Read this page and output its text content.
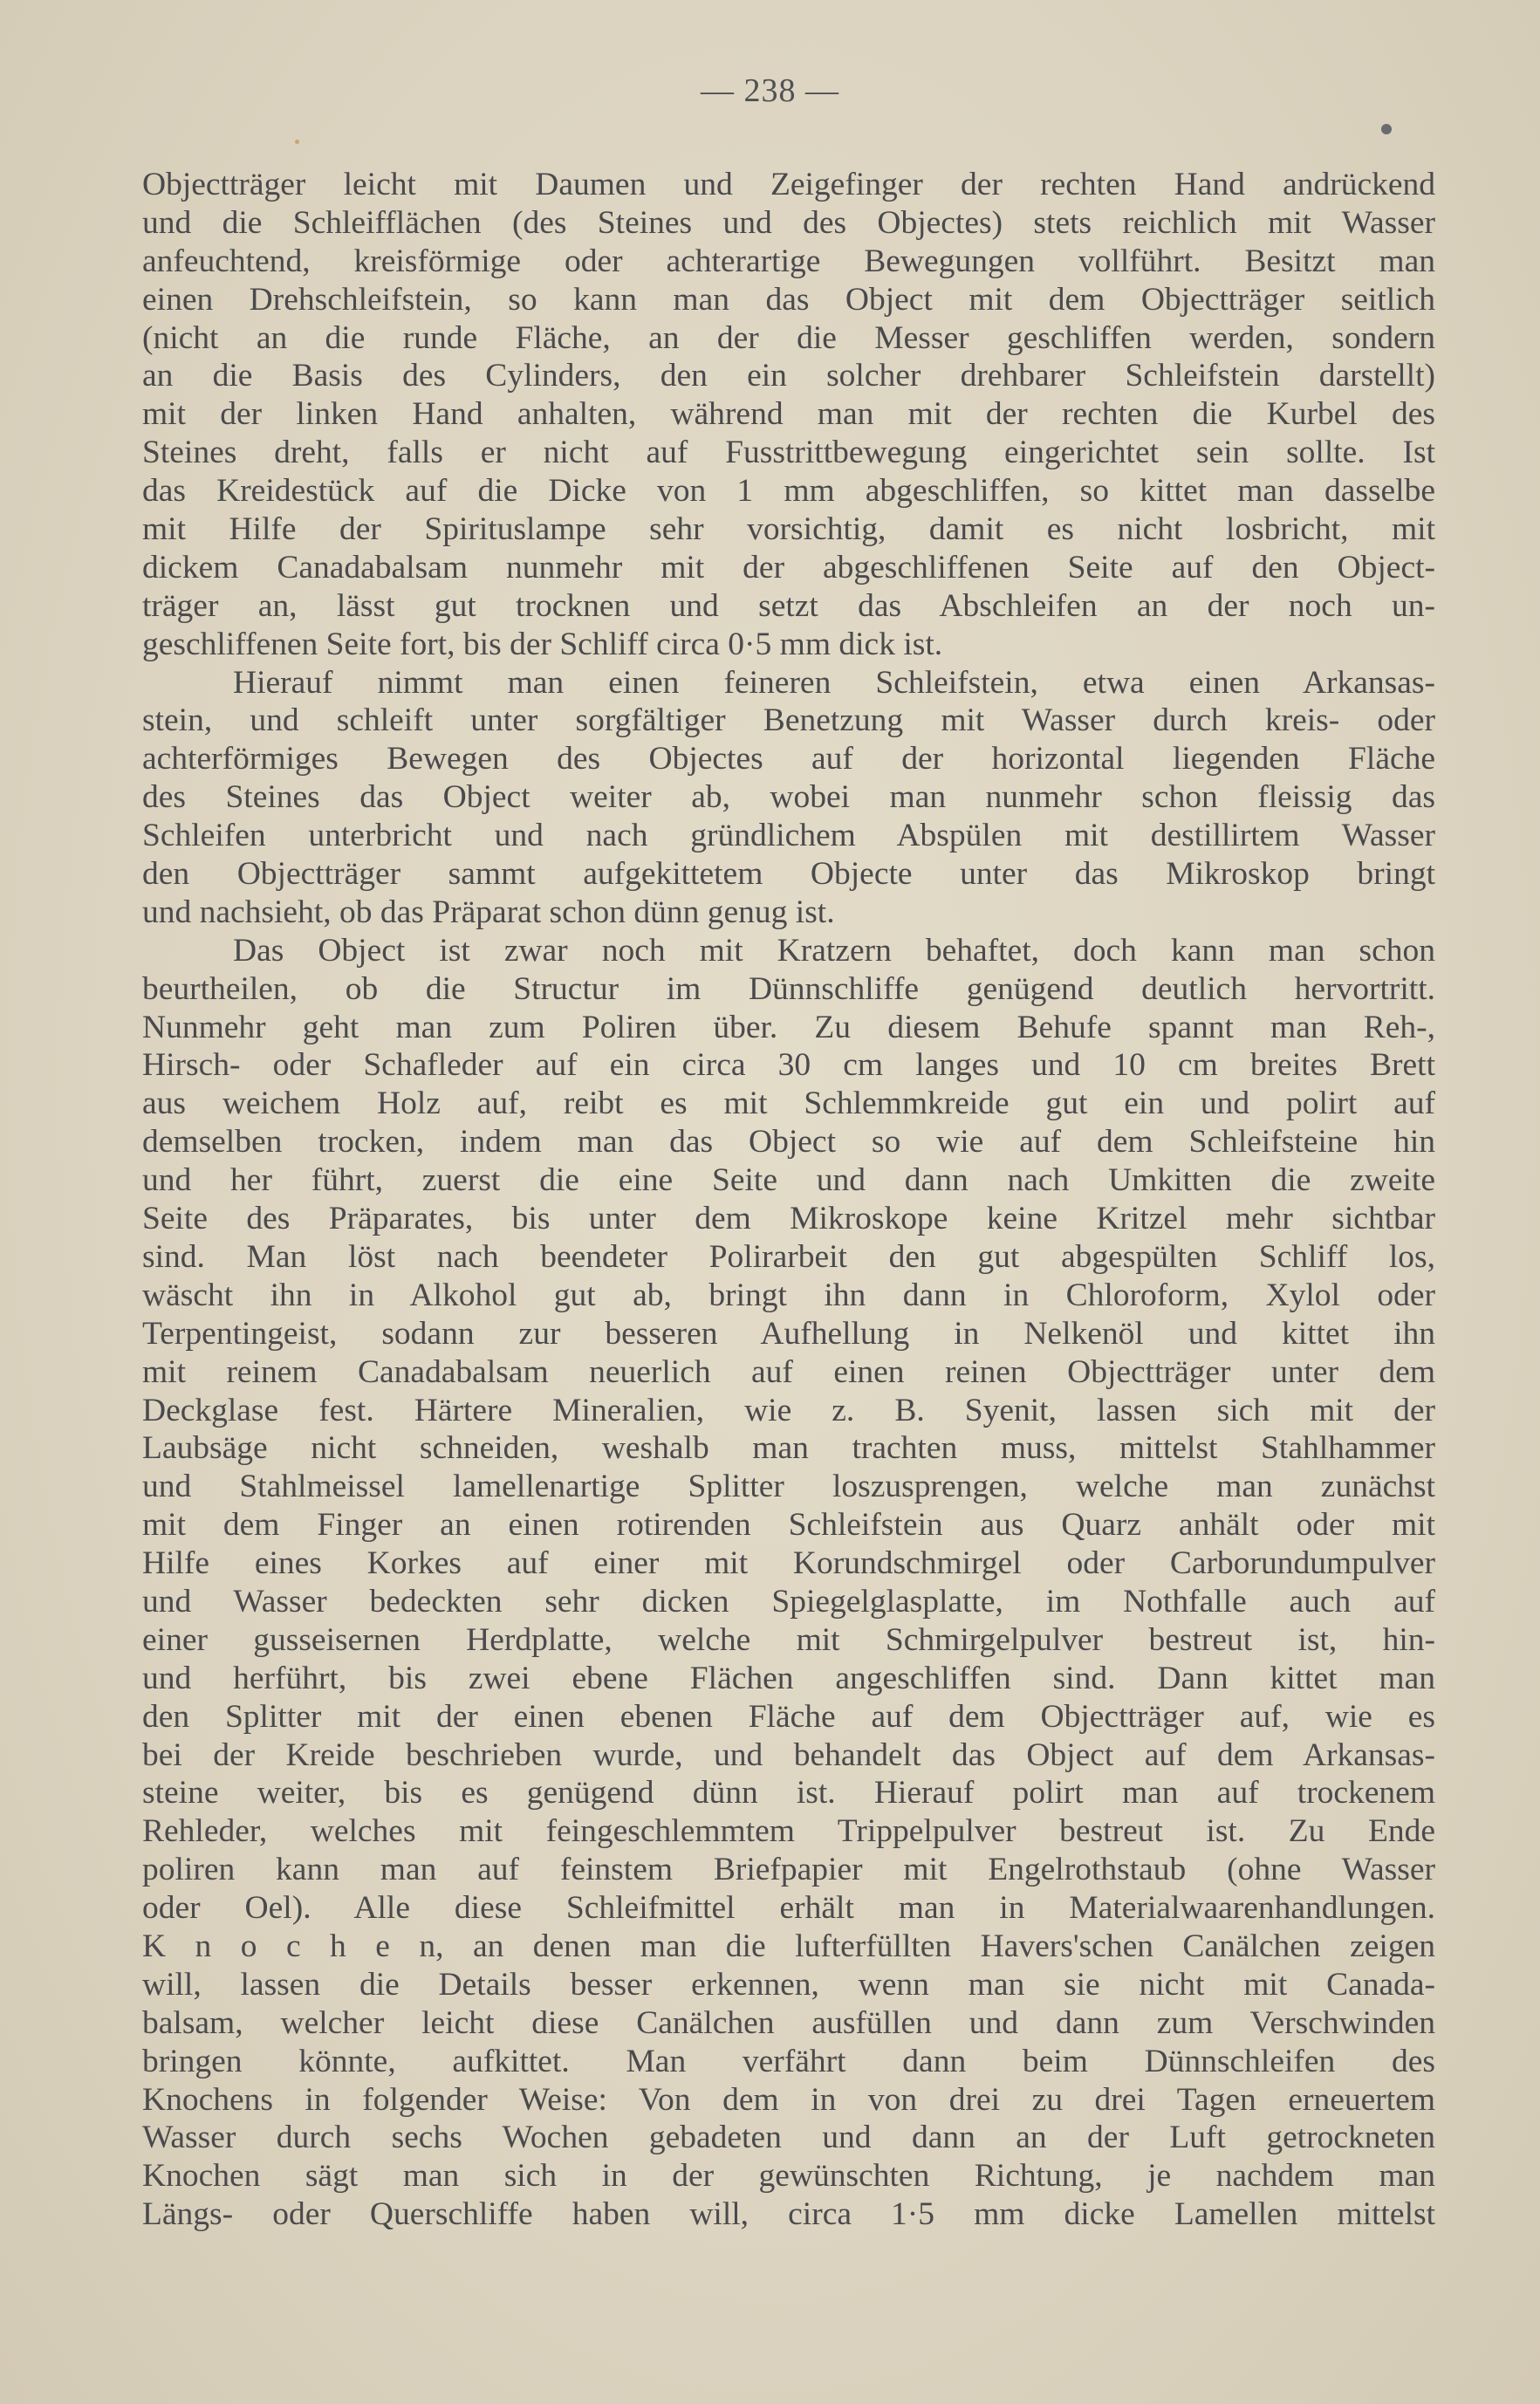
— 238 —
Objectträger leicht mit Daumen und Zeigefinger der rechten Hand andrückend
und die Schleifflächen (des Steines und des Objectes) stets reichlich mit Wasser
anfeuchtend, kreisförmige oder achterartige Bewegungen vollführt. Besitzt man
einen Drehschleifstein, so kann man das Object mit dem Objectträger seitlich
(nicht an die runde Fläche, an der die Messer geschliffen werden, sondern
an die Basis des Cylinders, den ein solcher drehbarer Schleifstein darstellt)
mit der linken Hand anhalten, während man mit der rechten die Kurbel des
Steines dreht, falls er nicht auf Fusstrittbewegung eingerichtet sein sollte. Ist
das Kreidestück auf die Dicke von 1 mm abgeschliffen, so kittet man dasselbe
mit Hilfe der Spirituslampe sehr vorsichtig, damit es nicht losbricht, mit
dickem Canadabalsam nunmehr mit der abgeschliffenen Seite auf den Object-
träger an, lässt gut trocknen und setzt das Abschleifen an der noch un-
geschliffenen Seite fort, bis der Schliff circa 0·5 mm dick ist.
Hierauf nimmt man einen feineren Schleifstein, etwa einen Arkansas-
stein, und schleift unter sorgfältiger Benetzung mit Wasser durch kreis- oder
achterförmiges Bewegen des Objectes auf der horizontal liegenden Fläche
des Steines das Object weiter ab, wobei man nunmehr schon fleissig das
Schleifen unterbricht und nach gründlichem Abspülen mit destillirtem Wasser
den Objectträger sammt aufgekittetem Objecte unter das Mikroskop bringt
und nachsieht, ob das Präparat schon dünn genug ist.
Das Object ist zwar noch mit Kratzern behaftet, doch kann man schon
beurtheilen, ob die Structur im Dünnschliffe genügend deutlich hervortritt.
Nunmehr geht man zum Poliren über. Zu diesem Behufe spannt man Reh-,
Hirsch- oder Schafleder auf ein circa 30 cm langes und 10 cm breites Brett
aus weichem Holz auf, reibt es mit Schlemmkreide gut ein und polirt auf
demselben trocken, indem man das Object so wie auf dem Schleifsteine hin
und her führt, zuerst die eine Seite und dann nach Umkitten die zweite
Seite des Präparates, bis unter dem Mikroskope keine Kritzel mehr sichtbar
sind. Man löst nach beendeter Polirarbeit den gut abgespülten Schliff los,
wäscht ihn in Alkohol gut ab, bringt ihn dann in Chloroform, Xylol oder
Terpentingeist, sodann zur besseren Aufhellung in Nelkenöl und kittet ihn
mit reinem Canadabalsam neuerlich auf einen reinen Objectträger unter dem
Deckglase fest. Härtere Mineralien, wie z. B. Syenit, lassen sich mit der
Laubsäge nicht schneiden, weshalb man trachten muss, mittelst Stahlhammer
und Stahlmeissel lamellenartige Splitter loszusprengen, welche man zunächst
mit dem Finger an einen rotirenden Schleifstein aus Quarz anhält oder mit
Hilfe eines Korkes auf einer mit Korundschmirgel oder Carborundumpulver
und Wasser bedeckten sehr dicken Spiegelglasplatte, im Nothfalle auch auf
einer gusseisernen Herdplatte, welche mit Schmirgelpulver bestreut ist, hin-
und herführt, bis zwei ebene Flächen angeschliffen sind. Dann kittet man
den Splitter mit der einen ebenen Fläche auf dem Objectträger auf, wie es
bei der Kreide beschrieben wurde, und behandelt das Object auf dem Arkansas-
steine weiter, bis es genügend dünn ist. Hierauf polirt man auf trockenem
Rehleder, welches mit feingeschlemmtem Trippelpulver bestreut ist. Zu Ende
poliren kann man auf feinstem Briefpapier mit Engelrothstaub (ohne Wasser
oder Oel). Alle diese Schleifmittel erhält man in Materialwaarenhandlungen.
K n o c h e n, an denen man die lufterfüllten Havers'schen Canälchen zeigen
will, lassen die Details besser erkennen, wenn man sie nicht mit Canada-
balsam, welcher leicht diese Canälchen ausfüllen und dann zum Verschwinden
bringen könnte, aufkittet. Man verfährt dann beim Dünnschleifen des
Knochens in folgender Weise: Von dem in von drei zu drei Tagen erneuertem
Wasser durch sechs Wochen gebadeten und dann an der Luft getrockneten
Knochen sägt man sich in der gewünschten Richtung, je nachdem man
Längs- oder Querschliffe haben will, circa 1·5 mm dicke Lamellen mittelst
